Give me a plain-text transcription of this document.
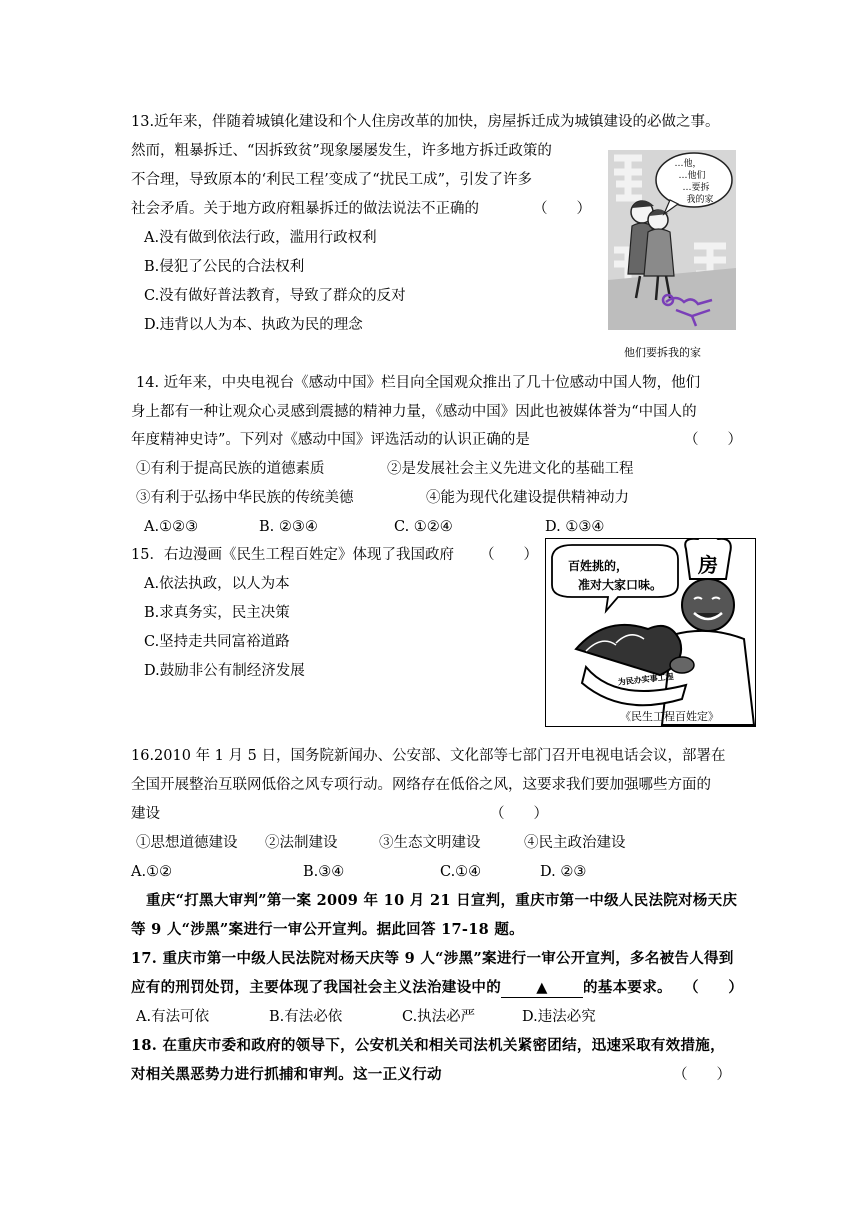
13.近年来，伴随着城镇化建设和个人住房改革的加快，房屋拆迁成为城镇建设的必做之事。
然而，粗暴拆迁、“因拆致贫”现象屡屡发生，许多地方拆迁政策的
不合理，导致原本的‘利民工程’变成了“扰民工成”，引发了许多
社会矛盾。关于地方政府粗暴拆迁的做法说法不正确的	（　　）
A.没有做到依法行政，滥用行政权利
B.侵犯了公民的合法权利
C.没有做好普法教育，导致了群众的反对
D.违背以人为本、执政为民的理念
…他，
…他们
…要拆
我的家
他们要拆我的家
14. 近年来，中央电视台《感动中国》栏目向全国观众推出了几十位感动中国人物，他们
身上都有一种让观众心灵感到震撼的精神力量，《感动中国》因此也被媒体誉为“中国人的
年度精神史诗”。下列对《感动中国》评选活动的认识正确的是	（　　）
①有利于提高民族的道德素质	②是发展社会主义先进文化的基础工程
③有利于弘扬中华民族的传统美德	④能为现代化建设提供精神动力
A.①②③	B. ②③④	C. ①②④	D. ①③④
15．右边漫画《民生工程百姓定》体现了我国政府 （　　）
A.依法执政，以人为本
B.求真务实，民主决策
C.坚持走共同富裕道路
D.鼓励非公有制经济发展
房
为民办实事工程
百姓挑的，
准对大家口味。
《民生工程百姓定》
16.2010 年 1 月 5 日，国务院新闻办、公安部、文化部等七部门召开电视电话会议，部署在
全国开展整治互联网低俗之风专项行动。网络存在低俗之风，这要求我们要加强哪些方面的
建设	（　　）
①思想道德建设 ②法制建设	③生态文明建设	④民主政治建设
A.①②	B.③④	C.①④	D. ②③
重庆“打黑大审判”第一案 2009 年 10 月 21 日宣判，重庆市第一中级人民法院对杨天庆
等 9 人“涉黑”案进行一审公开宣判。据此回答 17-18 题。
17. 重庆市第一中级人民法院对杨天庆等 9 人“涉黑”案进行一审公开宣判，多名被告人得到
应有的刑罚处罚，主要体现了我国社会主义法治建设中的 ▲ 的基本要求。 （　　）
A.有法可依	B.有法必依	C.执法必严	D.违法必究
18. 在重庆市委和政府的领导下，公安机关和相关司法机关紧密团结，迅速采取有效措施，
对相关黑恶势力进行抓捕和审判。这一正义行动	（　　）
